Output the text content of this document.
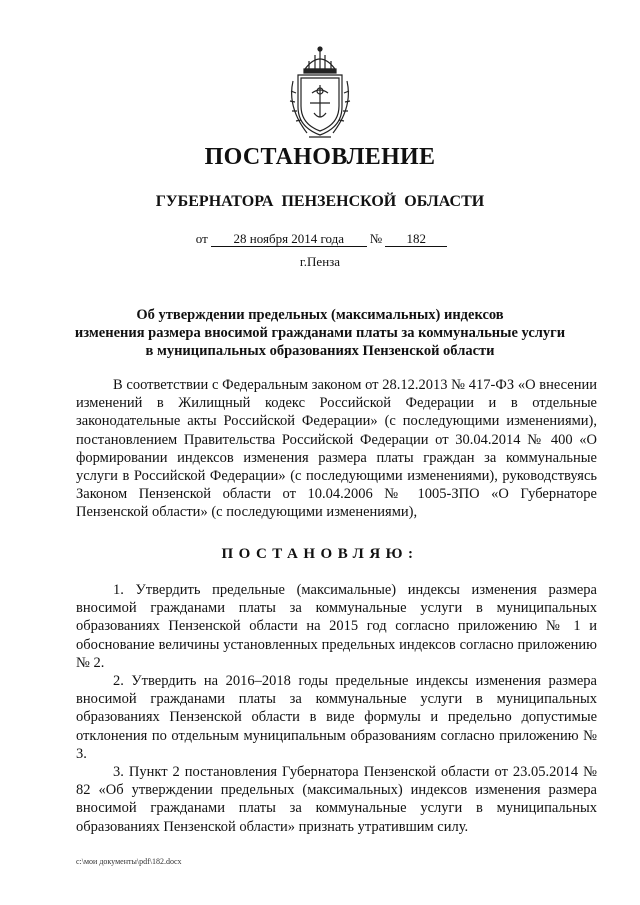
ПОСТАНОВЛЕНИЕ
ГУБЕРНАТОРА ПЕНЗЕНСКОЙ ОБЛАСТИ
от 28 ноября 2014 года № 182
г.Пенза
Об утверждении предельных (максимальных) индексов
изменения размера вносимой гражданами платы за коммунальные услуги
в муниципальных образованиях Пензенской области

В соответствии с Федеральным законом от 28.12.2013 № 417-ФЗ «О внесении изменений в Жилищный кодекс Российской Федерации и в отдельные законодательные акты Российской Федерации» (с последующими изменениями), постановлением Правительства Российской Федерации от 30.04.2014 № 400 «О формировании индексов изменения размера платы граждан за коммунальные услуги в Российской Федерации» (с последующими изменениями), руководствуясь Законом Пензенской области от 10.04.2006 № 1005-ЗПО «О Губернаторе Пензенской области» (с последующими изменениями),

ПОСТАНОВЛЯЮ:

1. Утвердить предельные (максимальные) индексы изменения размера вносимой гражданами платы за коммунальные услуги в муниципальных образованиях Пензенской области на 2015 год согласно приложению № 1 и обоснование величины установленных предельных индексов согласно приложению № 2.

2. Утвердить на 2016–2018 годы предельные индексы изменения размера вносимой гражданами платы за коммунальные услуги в муниципальных образованиях Пензенской области в виде формулы и предельно допустимые отклонения по отдельным муниципальным образованиям согласно приложению № 3.

3. Пункт 2 постановления Губернатора Пензенской области от 23.05.2014 № 82 «Об утверждении предельных (максимальных) индексов изменения размера вносимой гражданами платы за коммунальные услуги в муниципальных образованиях Пензенской области» признать утратившим силу.

c:\мои документы\pdf\182.docx
